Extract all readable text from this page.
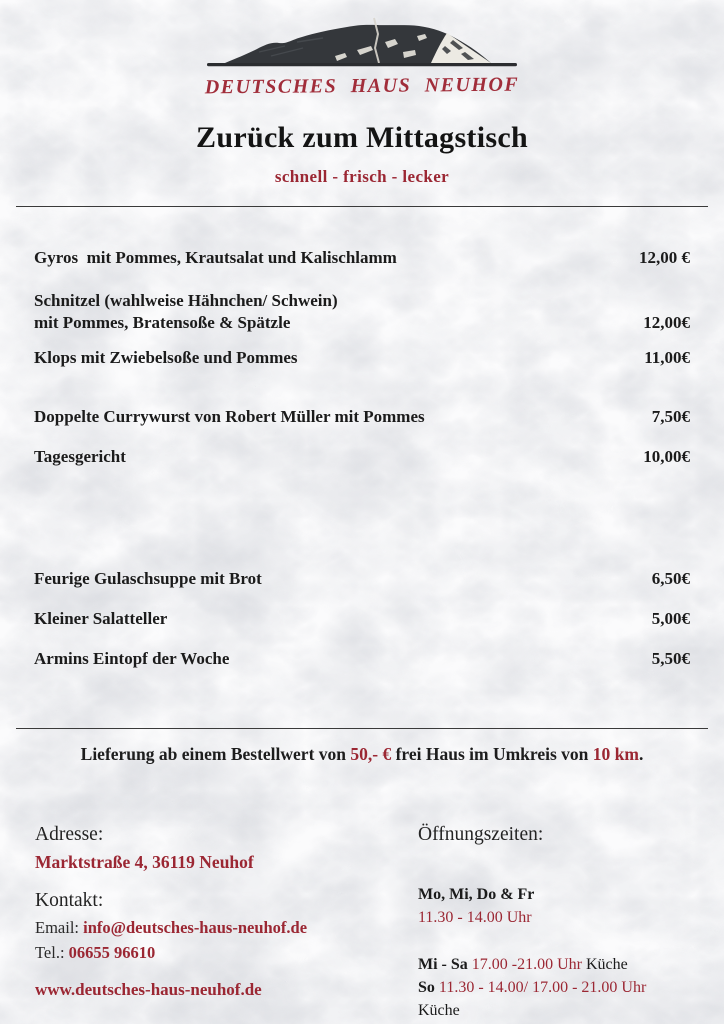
DEUTSCHES HAUS NEUHOF
Zurück zum Mittagstisch
schnell - frisch - lecker
Gyros  mit Pommes, Krautsalat und Kalischlamm	12,00 €
Schnitzel (wahlweise Hähnchen/ Schwein)
mit Pommes, Bratensoße & Spätzle	12,00€
Klops mit Zwiebelsoße und Pommes	11,00€
Doppelte Currywurst von Robert Müller mit Pommes	7,50€
Tagesgericht	10,00€
Feurige Gulaschsuppe mit Brot	6,50€
Kleiner Salatteller	5,00€
Armins Eintopf der Woche	5,50€
Lieferung ab einem Bestellwert von 50,- € frei Haus im Umkreis von 10 km.
Adresse:
Marktstraße 4, 36119 Neuhof
Kontakt:
Email: info@deutsches-haus-neuhof.de
Tel.: 06655 96610
www.deutsches-haus-neuhof.de
Öffnungszeiten:
Mo, Mi, Do & Fr
11.30 - 14.00 Uhr
Mi - Sa 17.00 -21.00 Uhr Küche
So 11.30 - 14.00/ 17.00 - 21.00 Uhr Küche
